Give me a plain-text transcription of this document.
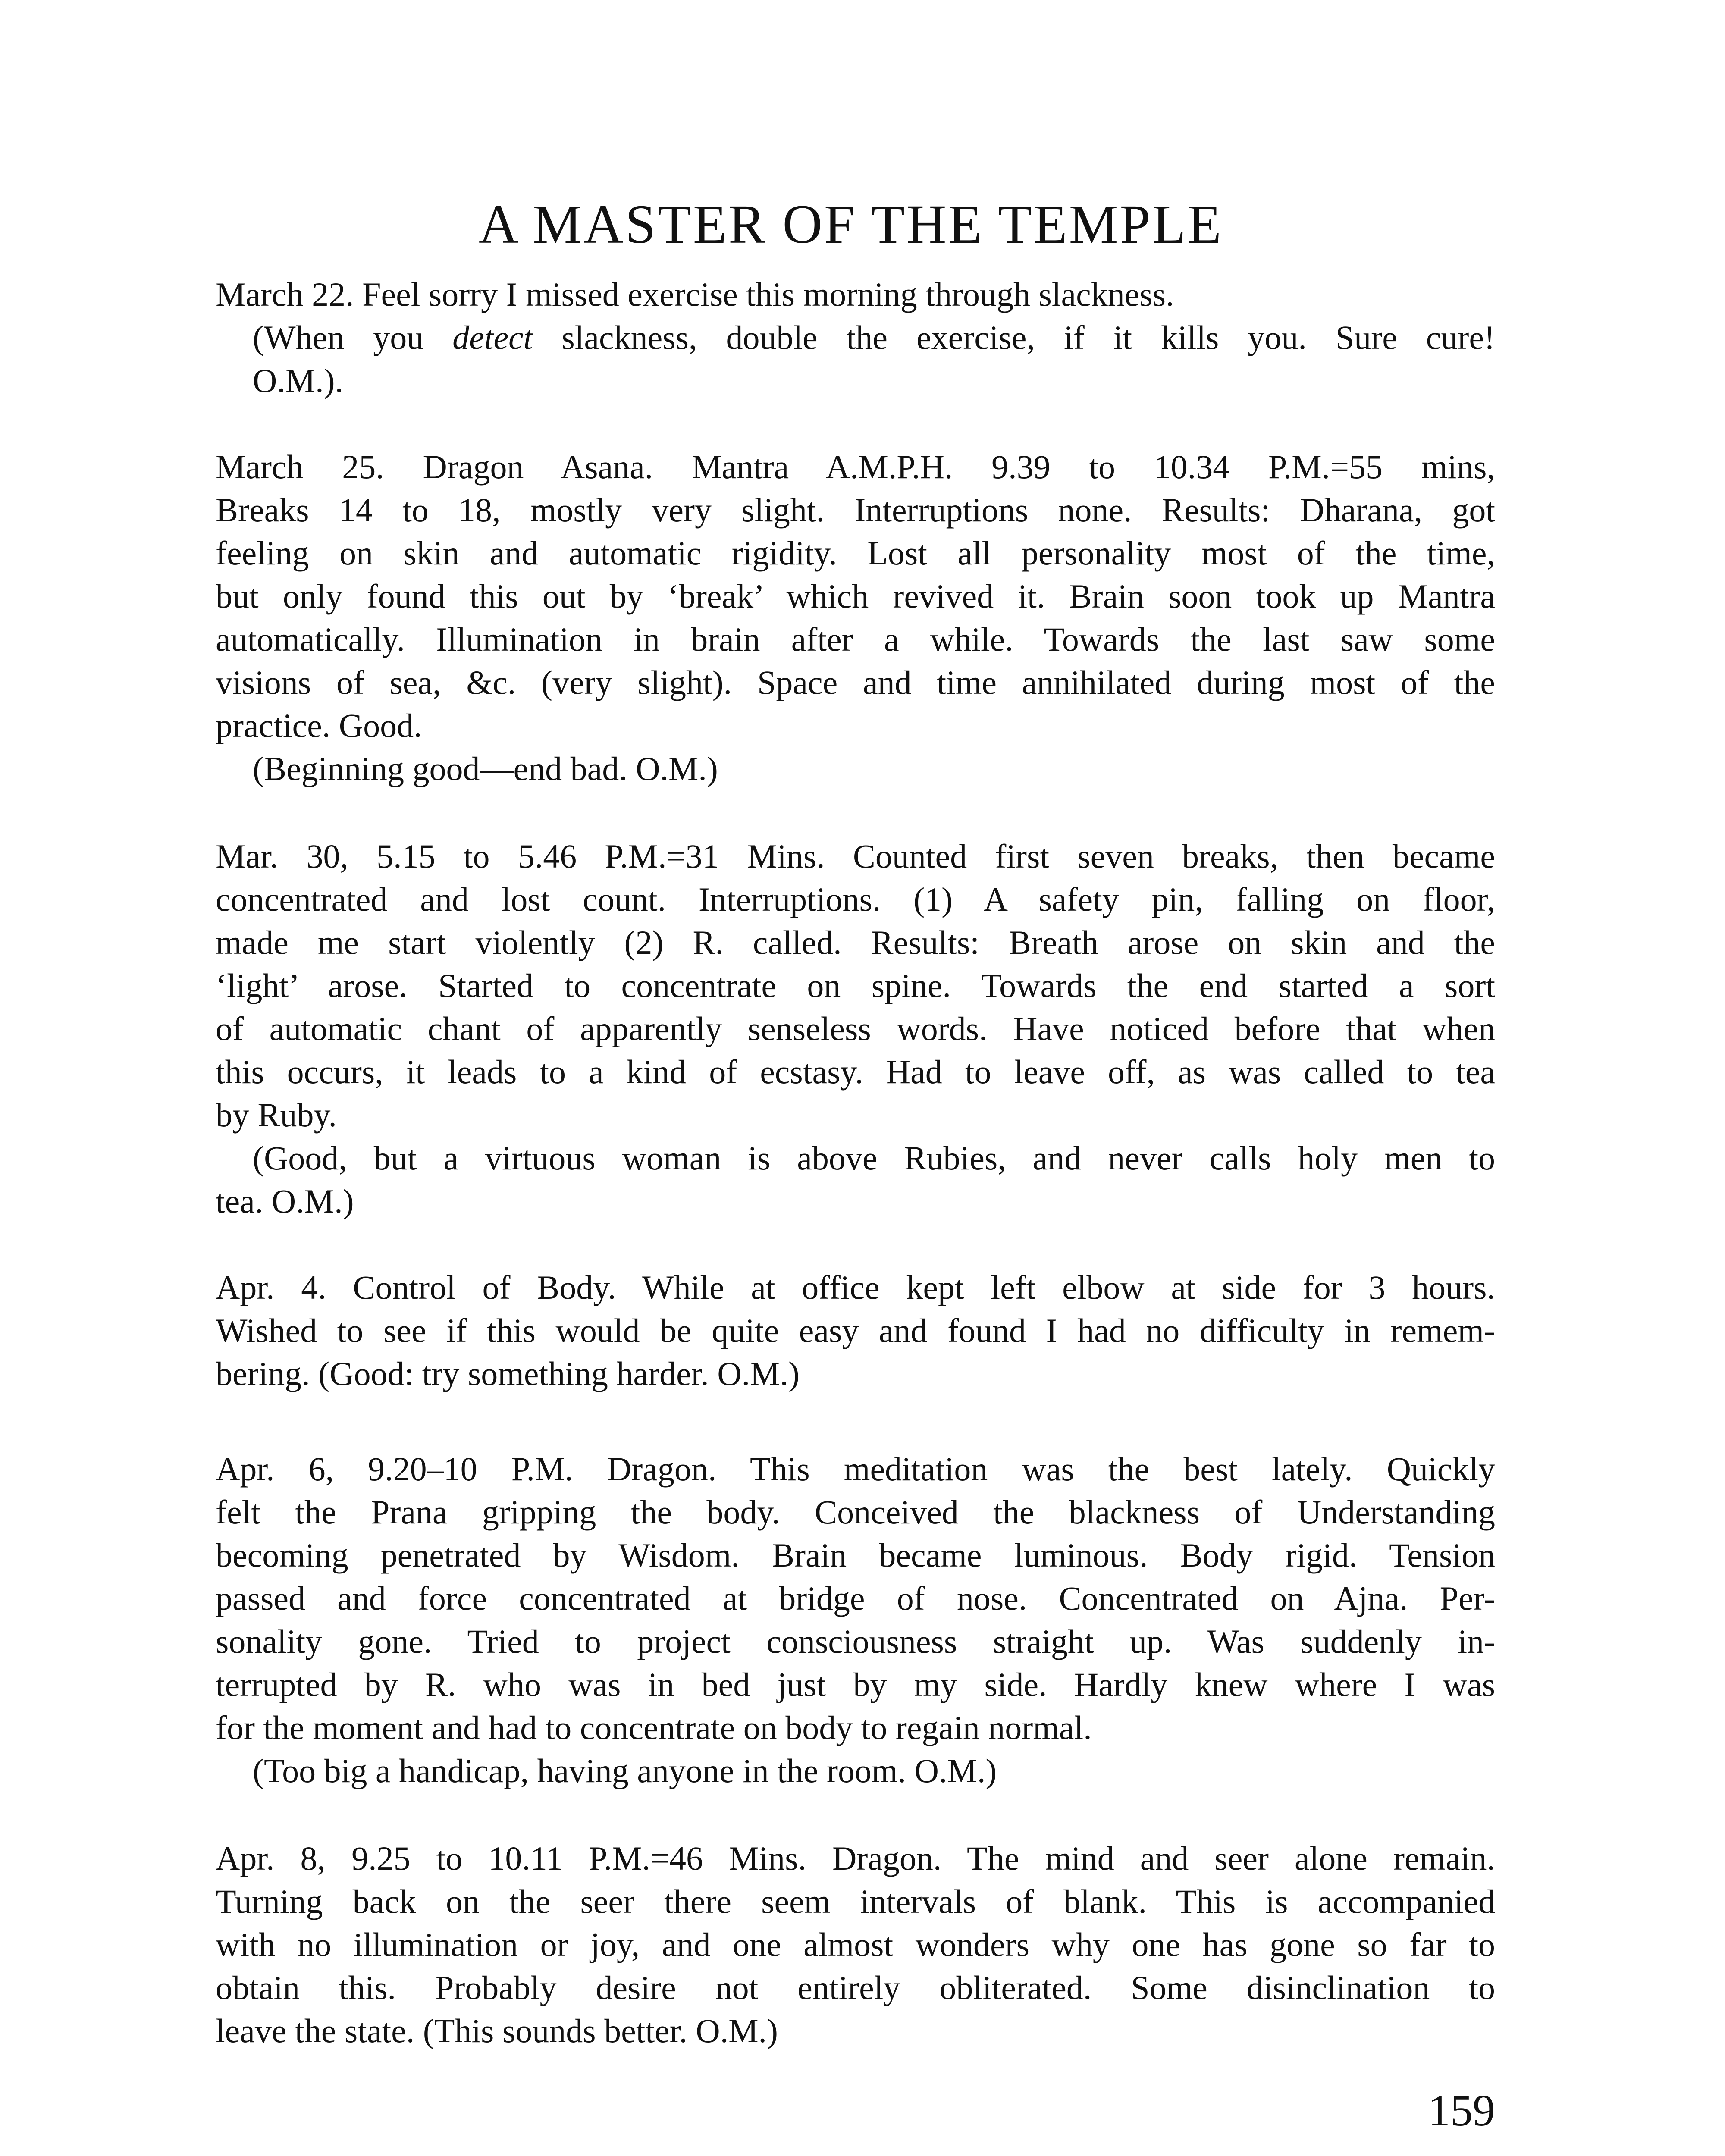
A MASTER OF THE TEMPLE
March 22. Feel sorry I missed exercise this morning through slackness.
(When you detect slackness, double the exercise, if it kills you. Sure cure!
O.M.).
March 25. Dragon Asana. Mantra A.M.P.H. 9.39 to 10.34 P.M.=55 mins,
Breaks 14 to 18, mostly very slight. Interruptions none. Results: Dharana, got
feeling on skin and automatic rigidity. Lost all personality most of the time,
but only found this out by ‘break’ which revived it. Brain soon took up Mantra
automatically. Illumination in brain after a while. Towards the last saw some
visions of sea, &c. (very slight). Space and time annihilated during most of the
practice. Good.
(Beginning good—end bad. O.M.)
Mar. 30, 5.15 to 5.46 P.M.=31 Mins. Counted first seven breaks, then became
concentrated and lost count. Interruptions. (1) A safety pin, falling on floor,
made me start violently (2) R. called. Results: Breath arose on skin and the
‘light’ arose. Started to concentrate on spine. Towards the end started a sort
of automatic chant of apparently senseless words. Have noticed before that when
this occurs, it leads to a kind of ecstasy. Had to leave off, as was called to tea
by Ruby.
(Good, but a virtuous woman is above Rubies, and never calls holy men to
tea. O.M.)
Apr. 4. Control of Body. While at office kept left elbow at side for 3 hours.
Wished to see if this would be quite easy and found I had no difficulty in remem-
bering. (Good: try something harder. O.M.)
Apr. 6, 9.20–10 P.M. Dragon. This meditation was the best lately. Quickly
felt the Prana gripping the body. Conceived the blackness of Understanding
becoming penetrated by Wisdom. Brain became luminous. Body rigid. Tension
passed and force concentrated at bridge of nose. Concentrated on Ajna. Per-
sonality gone. Tried to project consciousness straight up. Was suddenly in-
terrupted by R. who was in bed just by my side. Hardly knew where I was
for the moment and had to concentrate on body to regain normal.
(Too big a handicap, having anyone in the room. O.M.)
Apr. 8, 9.25 to 10.11 P.M.=46 Mins. Dragon. The mind and seer alone remain.
Turning back on the seer there seem intervals of blank. This is accompanied
with no illumination or joy, and one almost wonders why one has gone so far to
obtain this. Probably desire not entirely obliterated. Some disinclination to
leave the state. (This sounds better. O.M.)
159
